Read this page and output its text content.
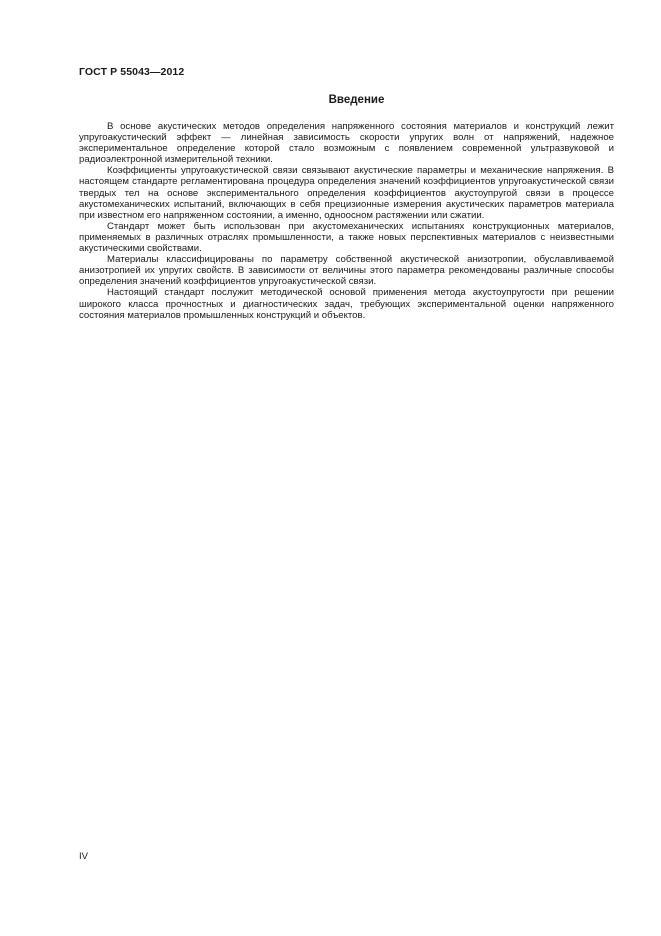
ГОСТ Р 55043—2012
Введение

В основе акустических методов определения напряженного состояния материалов и конструкций лежит упругоакустический эффект — линейная зависимость скорости упругих волн от напряжений, надежное экспериментальное определение которой стало возможным с появлением современной ультразвуковой и радиоэлектронной измерительной техники.

Коэффициенты упругоакустической связи связывают акустические параметры и механические напряжения. В настоящем стандарте регламентирована процедура определения значений коэффициентов упругоакустической связи твердых тел на основе экспериментального определения коэффициентов акустоупругой связи в процессе акустомеханических испытаний, включающих в себя прецизионные измерения акустических параметров материала при известном его напряженном состоянии, а именно, одноосном растяжении или сжатии.

Стандарт может быть использован при акустомеханических испытаниях конструкционных материалов, применяемых в различных отраслях промышленности, а также новых перспективных материалов с неизвестными акустическими свойствами.

Материалы классифицированы по параметру собственной акустической анизотропии, обуславливаемой анизотропией их упругих свойств. В зависимости от величины этого параметра рекомендованы различные способы определения значений коэффициентов упругоакустической связи.

Настоящий стандарт послужит методической основой применения метода акустоупругости при решении широкого класса прочностных и диагностических задач, требующих экспериментальной оценки напряженного состояния материалов промышленных конструкций и объектов.

IV
